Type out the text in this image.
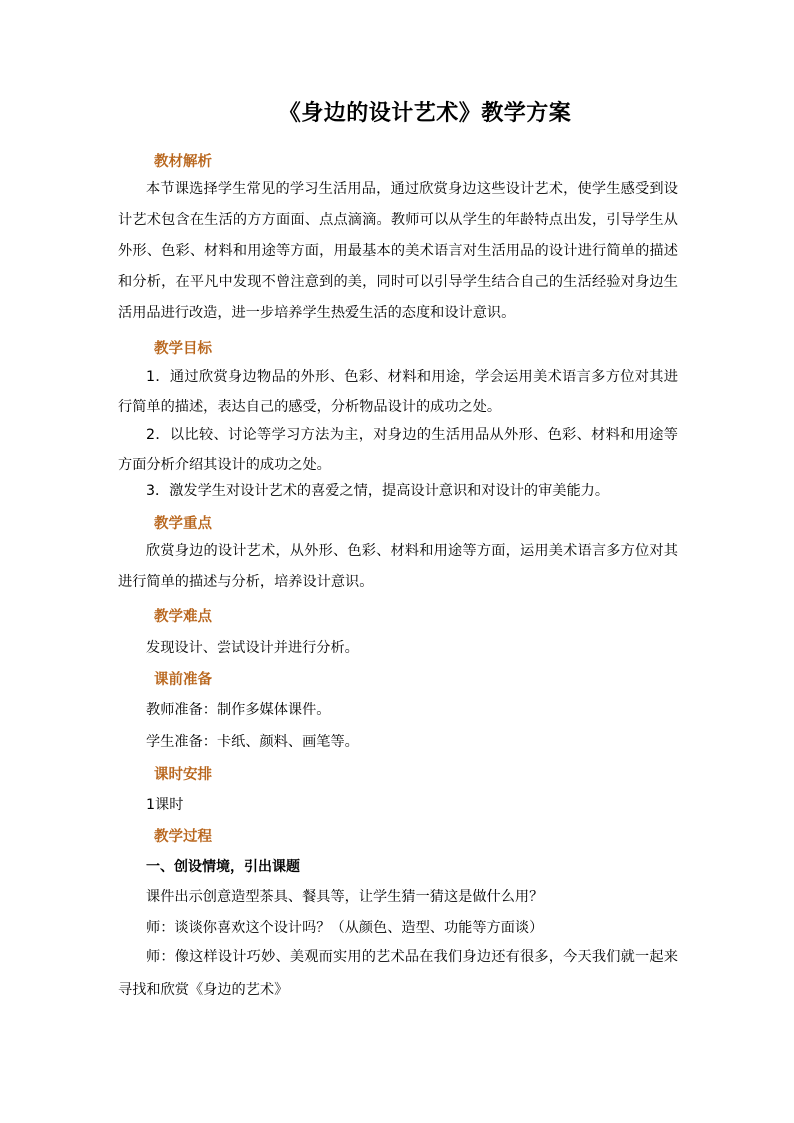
《身边的设计艺术》教学方案
教材解析
本节课选择学生常见的学习生活用品，通过欣赏身边这些设计艺术，使学生感受到设计艺术包含在生活的方方面面、点点滴滴。教师可以从学生的年龄特点出发，引导学生从外形、色彩、材料和用途等方面，用最基本的美术语言对生活用品的设计进行简单的描述和分析，在平凡中发现不曾注意到的美，同时可以引导学生结合自己的生活经验对身边生活用品进行改造，进一步培养学生热爱生活的态度和设计意识。
教学目标
1．通过欣赏身边物品的外形、色彩、材料和用途，学会运用美术语言多方位对其进行简单的描述，表达自己的感受，分析物品设计的成功之处。
2．以比较、讨论等学习方法为主，对身边的生活用品从外形、色彩、材料和用途等方面分析介绍其设计的成功之处。
3．激发学生对设计艺术的喜爱之情，提高设计意识和对设计的审美能力。
教学重点
欣赏身边的设计艺术，从外形、色彩、材料和用途等方面，运用美术语言多方位对其进行简单的描述与分析，培养设计意识。
教学难点
发现设计、尝试设计并进行分析。
课前准备
教师准备：制作多媒体课件。
学生准备：卡纸、颜料、画笔等。
课时安排
1课时
教学过程
一、创设情境，引出课题
课件出示创意造型茶具、餐具等，让学生猜一猜这是做什么用？
师：谈谈你喜欢这个设计吗？（从颜色、造型、功能等方面谈）
师：像这样设计巧妙、美观而实用的艺术品在我们身边还有很多，今天我们就一起来寻找和欣赏《身边的艺术》
